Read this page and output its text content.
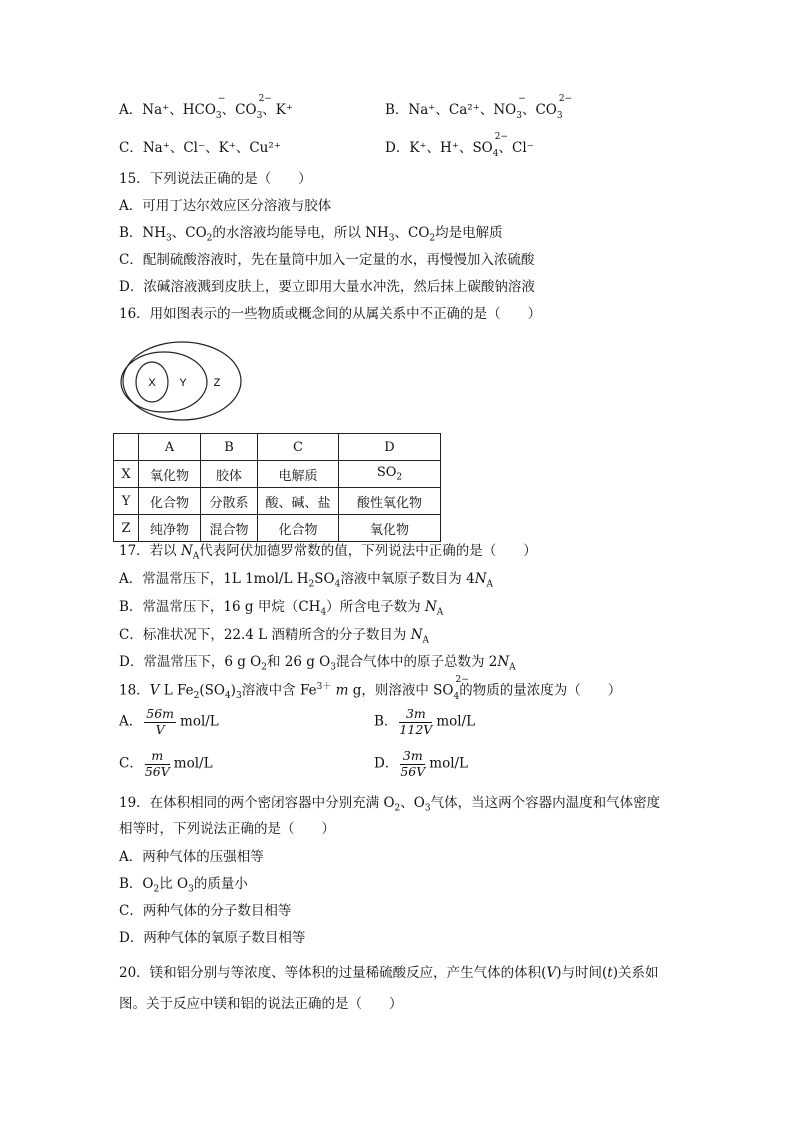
A．Na⁺、HCO
−
$_3$、CO
2−
$_3$、K⁺	B．Na⁺、Ca²⁺、NO
−
$_3$、CO
2−
$_3$
C．Na⁺、Cl⁻、K⁺、Cu²⁺	D．K⁺、H⁺、SO
2−
$_4$、Cl⁻
15．下列说法正确的是（　　）
A．可用丁达尔效应区分溶液与胶体
B．$NH_3$、$CO_2$的水溶液均能导电，所以 $NH_3$、$CO_2$均是电解质
C．配制硫酸溶液时，先在量筒中加入一定量的水，再慢慢加入浓硫酸
D．浓碱溶液溅到皮肤上，要立即用大量水冲洗，然后抹上碳酸钠溶液
16．用如图表示的一些物质或概念间的从属关系中不正确的是（　　）
X Y Z
	A	B	C	D
X	氧化物	胶体	电解质	$SO_2$
Y	化合物	分散系	酸、碱、盐	酸性氧化物
Z	纯净物	混合物	化合物	氧化物
17．若以 $N_A$代表阿伏加德罗常数的值，下列说法中正确的是（　　）
A．常温常压下，1L 1mol/L $H_2SO_4$溶液中氧原子数目为 $4N_A$
B．常温常压下，16 g 甲烷$(CH_4)$所含电子数为 $N_A$
C．标准状况下，22.4 L 酒精所含的分子数目为 $N_A$
D．常温常压下，6 g $O_2$和 26 g $O_3$混合气体中的原子总数为 $2N_A$
18．V L $Fe_2(SO_4)_3$溶液中含 $Fe^{3+}$ m g，则溶液中 SO
2−
$_4$的物质的量浓度为（　　）
A． $\frac{56m}{V} mol/L$	B． $\frac{3m}{112V} mol/L$
C． $\frac{m}{56V} mol/L$	D． $\frac{3m}{56V} mol/L$
19．在体积相同的两个密闭容器中分别充满 $O_2$、$O_3$气体，当这两个容器内温度和气体密度
相等时，下列说法正确的是（　　）
A．两种气体的压强相等
B．$O_2$比 $O_3$的质量小
C．两种气体的分子数目相等
D．两种气体的氧原子数目相等
20．镁和铝分别与等浓度、等体积的过量稀硫酸反应，产生气体的体积(V)与时间(t)关系如
图。关于反应中镁和铝的说法正确的是（　　）
